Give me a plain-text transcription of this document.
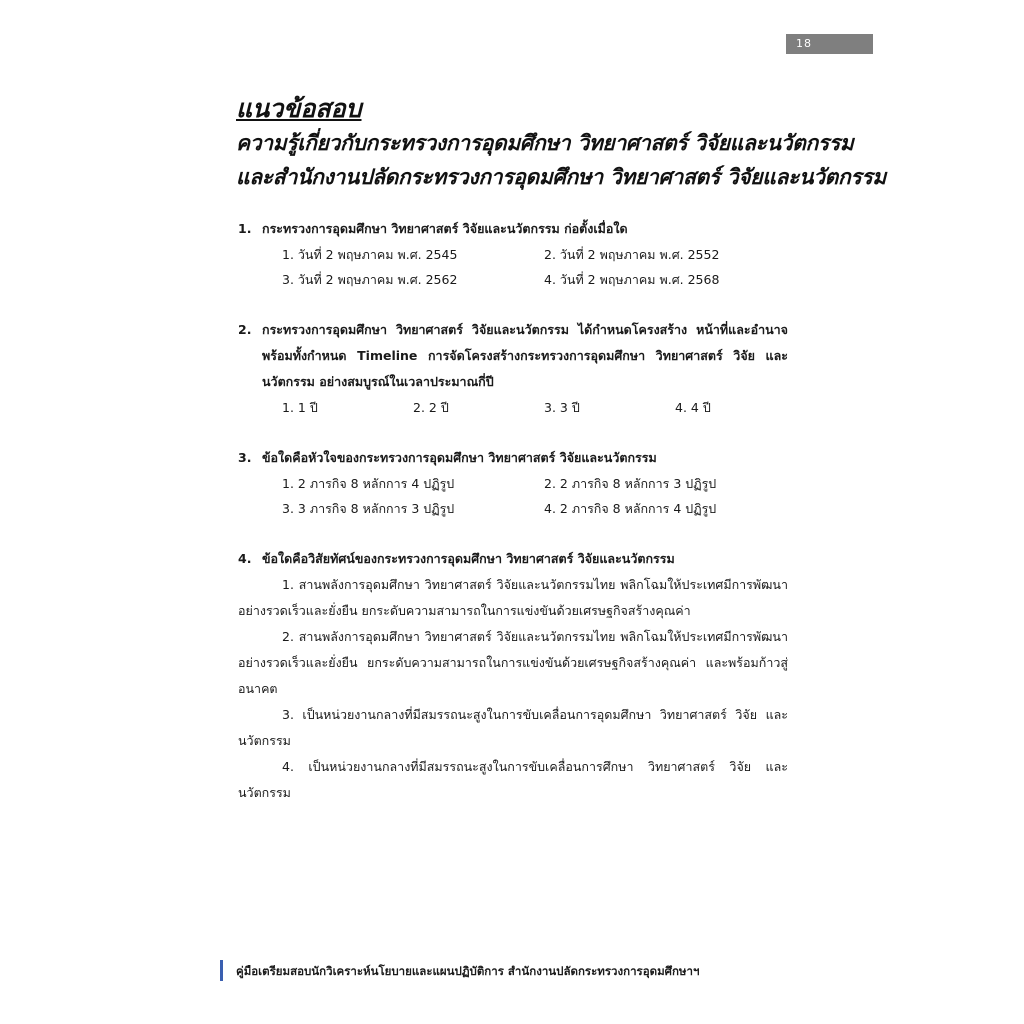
18
แนวข้อสอบ
ความรู้เกี่ยวกับกระทรวงการอุดมศึกษา วิทยาศาสตร์ วิจัยและนวัตกรรม
และสำนักงานปลัดกระทรวงการอุดมศึกษา วิทยาศาสตร์ วิจัยและนวัตกรรม
1. กระทรวงการอุดมศึกษา วิทยาศาสตร์ วิจัยและนวัตกรรม ก่อตั้งเมื่อใด
1. วันที่ 2 พฤษภาคม พ.ศ. 2545	2. วันที่ 2 พฤษภาคม พ.ศ. 2552
3. วันที่ 2 พฤษภาคม พ.ศ. 2562	4. วันที่ 2 พฤษภาคม พ.ศ. 2568
2. กระทรวงการอุดมศึกษา วิทยาศาสตร์ วิจัยและนวัตกรรม ได้กำหนดโครงสร้าง หน้าที่และอำนาจ พร้อมทั้งกำหนด Timeline การจัดโครงสร้างกระทรวงการอุดมศึกษา วิทยาศาสตร์ วิจัย และนวัตกรรม อย่างสมบูรณ์ในเวลาประมาณกี่ปี
1. 1 ปี	2. 2 ปี	3. 3 ปี	4. 4 ปี
3. ข้อใดคือหัวใจของกระทรวงการอุดมศึกษา วิทยาศาสตร์ วิจัยและนวัตกรรม
1. 2 ภารกิจ 8 หลักการ 4 ปฏิรูป	2. 2 ภารกิจ 8 หลักการ 3 ปฏิรูป
3. 3 ภารกิจ 8 หลักการ 3 ปฏิรูป	4. 2 ภารกิจ 8 หลักการ 4 ปฏิรูป
4. ข้อใดคือวิสัยทัศน์ของกระทรวงการอุดมศึกษา วิทยาศาสตร์ วิจัยและนวัตกรรม
1. สานพลังการอุดมศึกษา วิทยาศาสตร์ วิจัยและนวัตกรรมไทย พลิกโฉมให้ประเทศมีการพัฒนาอย่างรวดเร็วและยั่งยืน ยกระดับความสามารถในการแข่งขันด้วยเศรษฐกิจสร้างคุณค่า
2. สานพลังการอุดมศึกษา วิทยาศาสตร์ วิจัยและนวัตกรรมไทย พลิกโฉมให้ประเทศมีการพัฒนาอย่างรวดเร็วและยั่งยืน ยกระดับความสามารถในการแข่งขันด้วยเศรษฐกิจสร้างคุณค่า และพร้อมก้าวสู่อนาคต
3. เป็นหน่วยงานกลางที่มีสมรรถนะสูงในการขับเคลื่อนการอุดมศึกษา วิทยาศาสตร์ วิจัย และนวัตกรรม
4. เป็นหน่วยงานกลางที่มีสมรรถนะสูงในการขับเคลื่อนการศึกษา วิทยาศาสตร์ วิจัย และนวัตกรรม
คู่มือเตรียมสอบนักวิเคราะห์นโยบายและแผนปฏิบัติการ สำนักงานปลัดกระทรวงการอุดมศึกษาฯ
